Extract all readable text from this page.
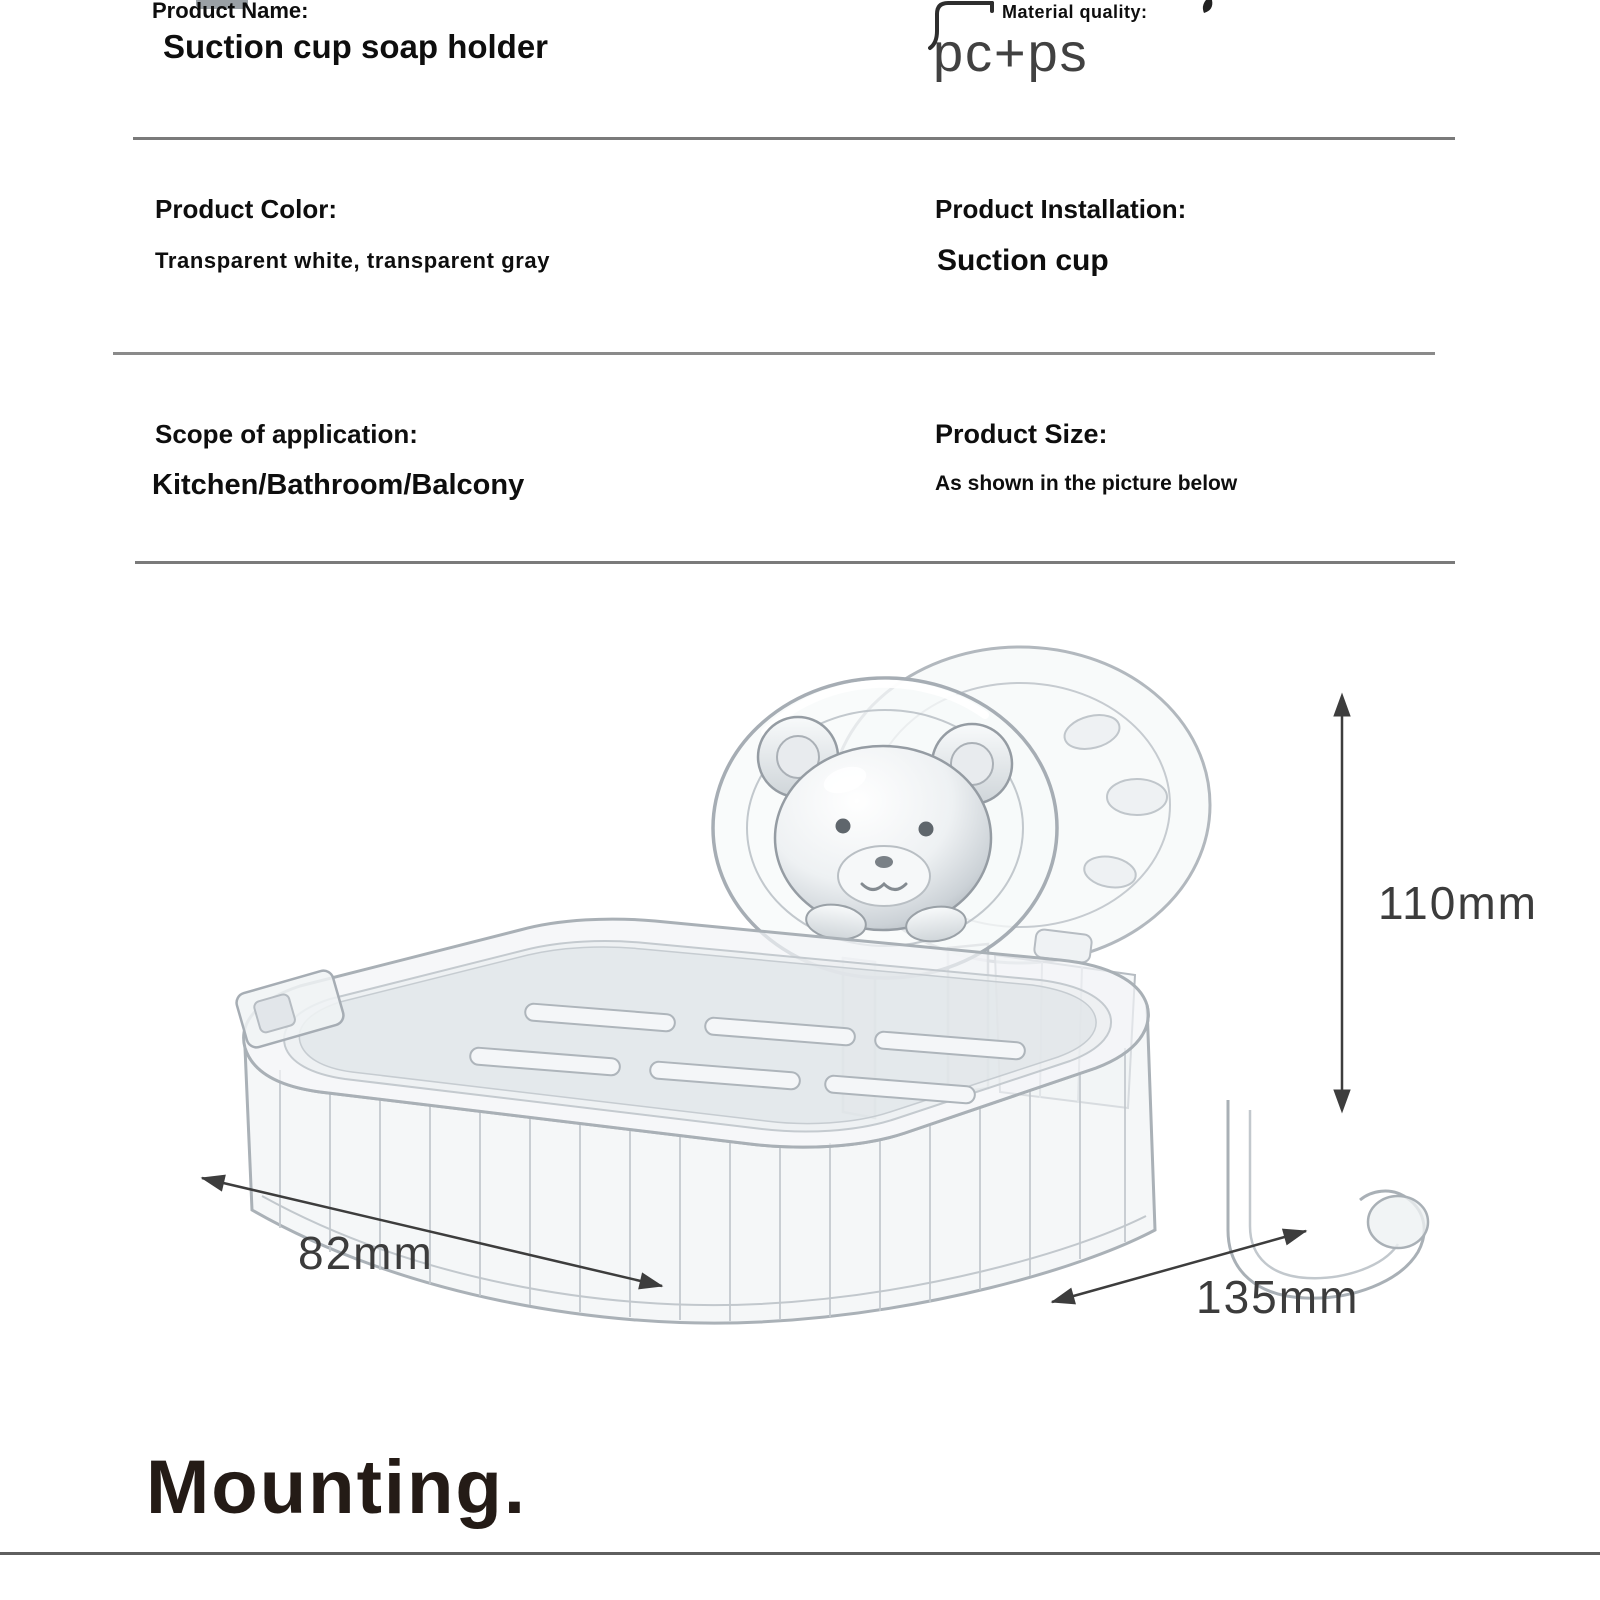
Product Name:
Suction cup soap holder
Material quality:
pc+ps
Product Color:
Transparent white, transparent gray
Product Installation:
Suction cup
Scope of application:
Kitchen/Bathroom/Balcony
Product Size:
As shown in the picture below
110mm
82mm
135mm
Mounting.
